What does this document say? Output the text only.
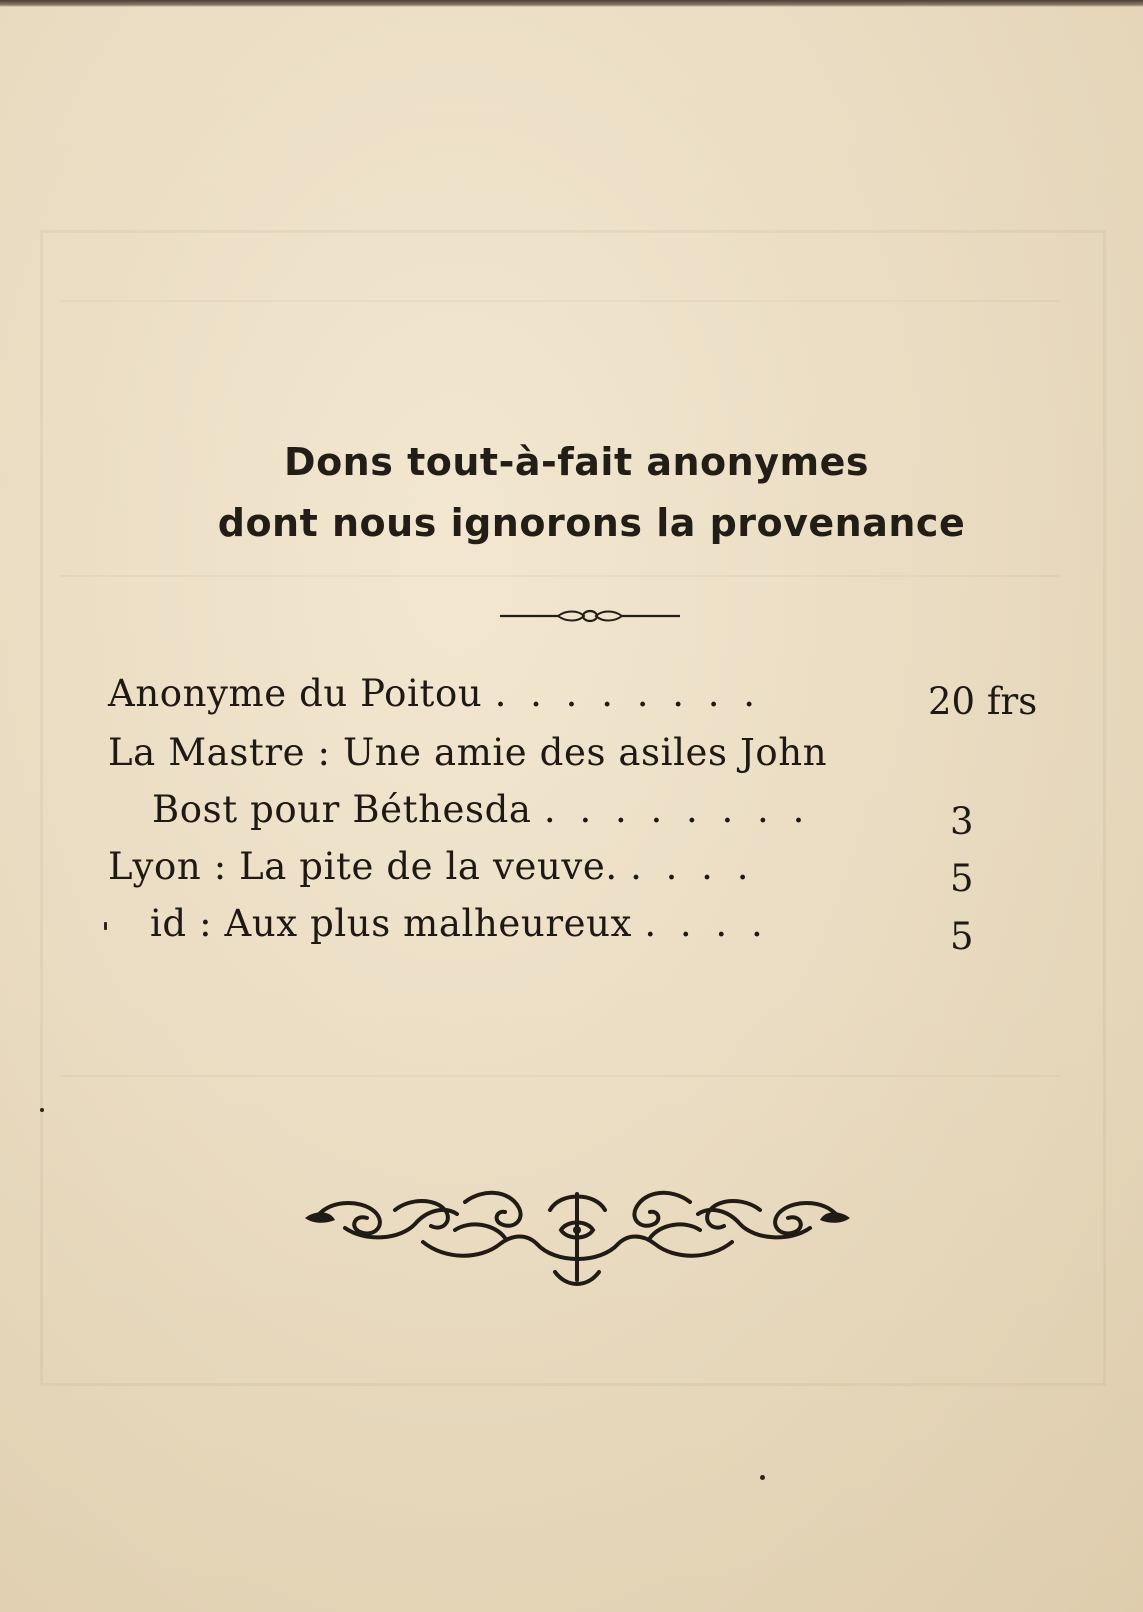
Dons tout-à-fait anonymes
dont nous ignorons la provenance
Anonyme du Poitou . . . . . . . .	20 frs
La Mastre : Une amie des asiles John
Bost pour Béthesda . . . . . . . .	3
Lyon : La pite de la veuve. . . . .	5
id : Aux plus malheureux . . . .	5
